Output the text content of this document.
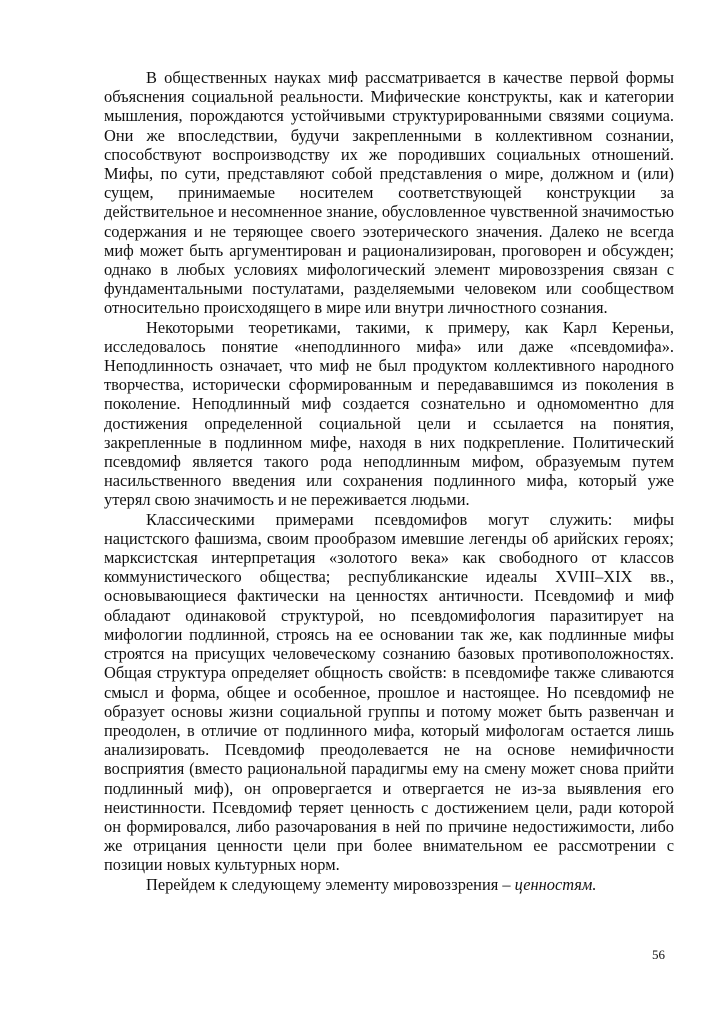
В общественных науках миф рассматривается в качестве первой формы объяснения социальной реальности. Мифические конструкты, как и категории мышления, порождаются устойчивыми структурированными связями социума. Они же впоследствии, будучи закрепленными в коллективном сознании, способствуют воспроизводству их же породивших социальных отношений. Мифы, по сути, представляют собой представления о мире, должном и (или) сущем, принимаемые носителем соответствующей конструкции за действительное и несомненное знание, обусловленное чувственной значимостью содержания и не теряющее своего эзотерического значения. Далеко не всегда миф может быть аргументирован и рационализирован, проговорен и обсужден; однако в любых условиях мифологический элемент мировоззрения связан с фундаментальными постулатами, разделяемыми человеком или сообществом относительно происходящего в мире или внутри личностного сознания.

Некоторыми теоретиками, такими, к примеру, как Карл Кереньи, исследовалось понятие «неподлинного мифа» или даже «псевдомифа». Неподлинность означает, что миф не был продуктом коллективного народного творчества, исторически сформированным и передававшимся из поколения в поколение. Неподлинный миф создается сознательно и одномоментно для достижения определенной социальной цели и ссылается на понятия, закрепленные в подлинном мифе, находя в них подкрепление. Политический псевдомиф является такого рода неподлинным мифом, образуемым путем насильственного введения или сохранения подлинного мифа, который уже утерял свою значимость и не переживается людьми.

Классическими примерами псевдомифов могут служить: мифы нацистского фашизма, своим прообразом имевшие легенды об арийских героях; марксистская интерпретация «золотого века» как свободного от классов коммунистического общества; республиканские идеалы XVIII–XIX вв., основывающиеся фактически на ценностях античности. Псевдомиф и миф обладают одинаковой структурой, но псевдомифология паразитирует на мифологии подлинной, строясь на ее основании так же, как подлинные мифы строятся на присущих человеческому сознанию базовых противоположностях. Общая структура определяет общность свойств: в псевдомифе также сливаются смысл и форма, общее и особенное, прошлое и настоящее. Но псевдомиф не образует основы жизни социальной группы и потому может быть развенчан и преодолен, в отличие от подлинного мифа, который мифологам остается лишь анализировать. Псевдомиф преодолевается не на основе немифичности восприятия (вместо рациональной парадигмы ему на смену может снова прийти подлинный миф), он опровергается и отвергается не из-за выявления его неистинности. Псевдомиф теряет ценность с достижением цели, ради которой он формировался, либо разочарования в ней по причине недостижимости, либо же отрицания ценности цели при более внимательном ее рассмотрении с позиции новых культурных норм.

Перейдем к следующему элементу мировоззрения – ценностям.

56
